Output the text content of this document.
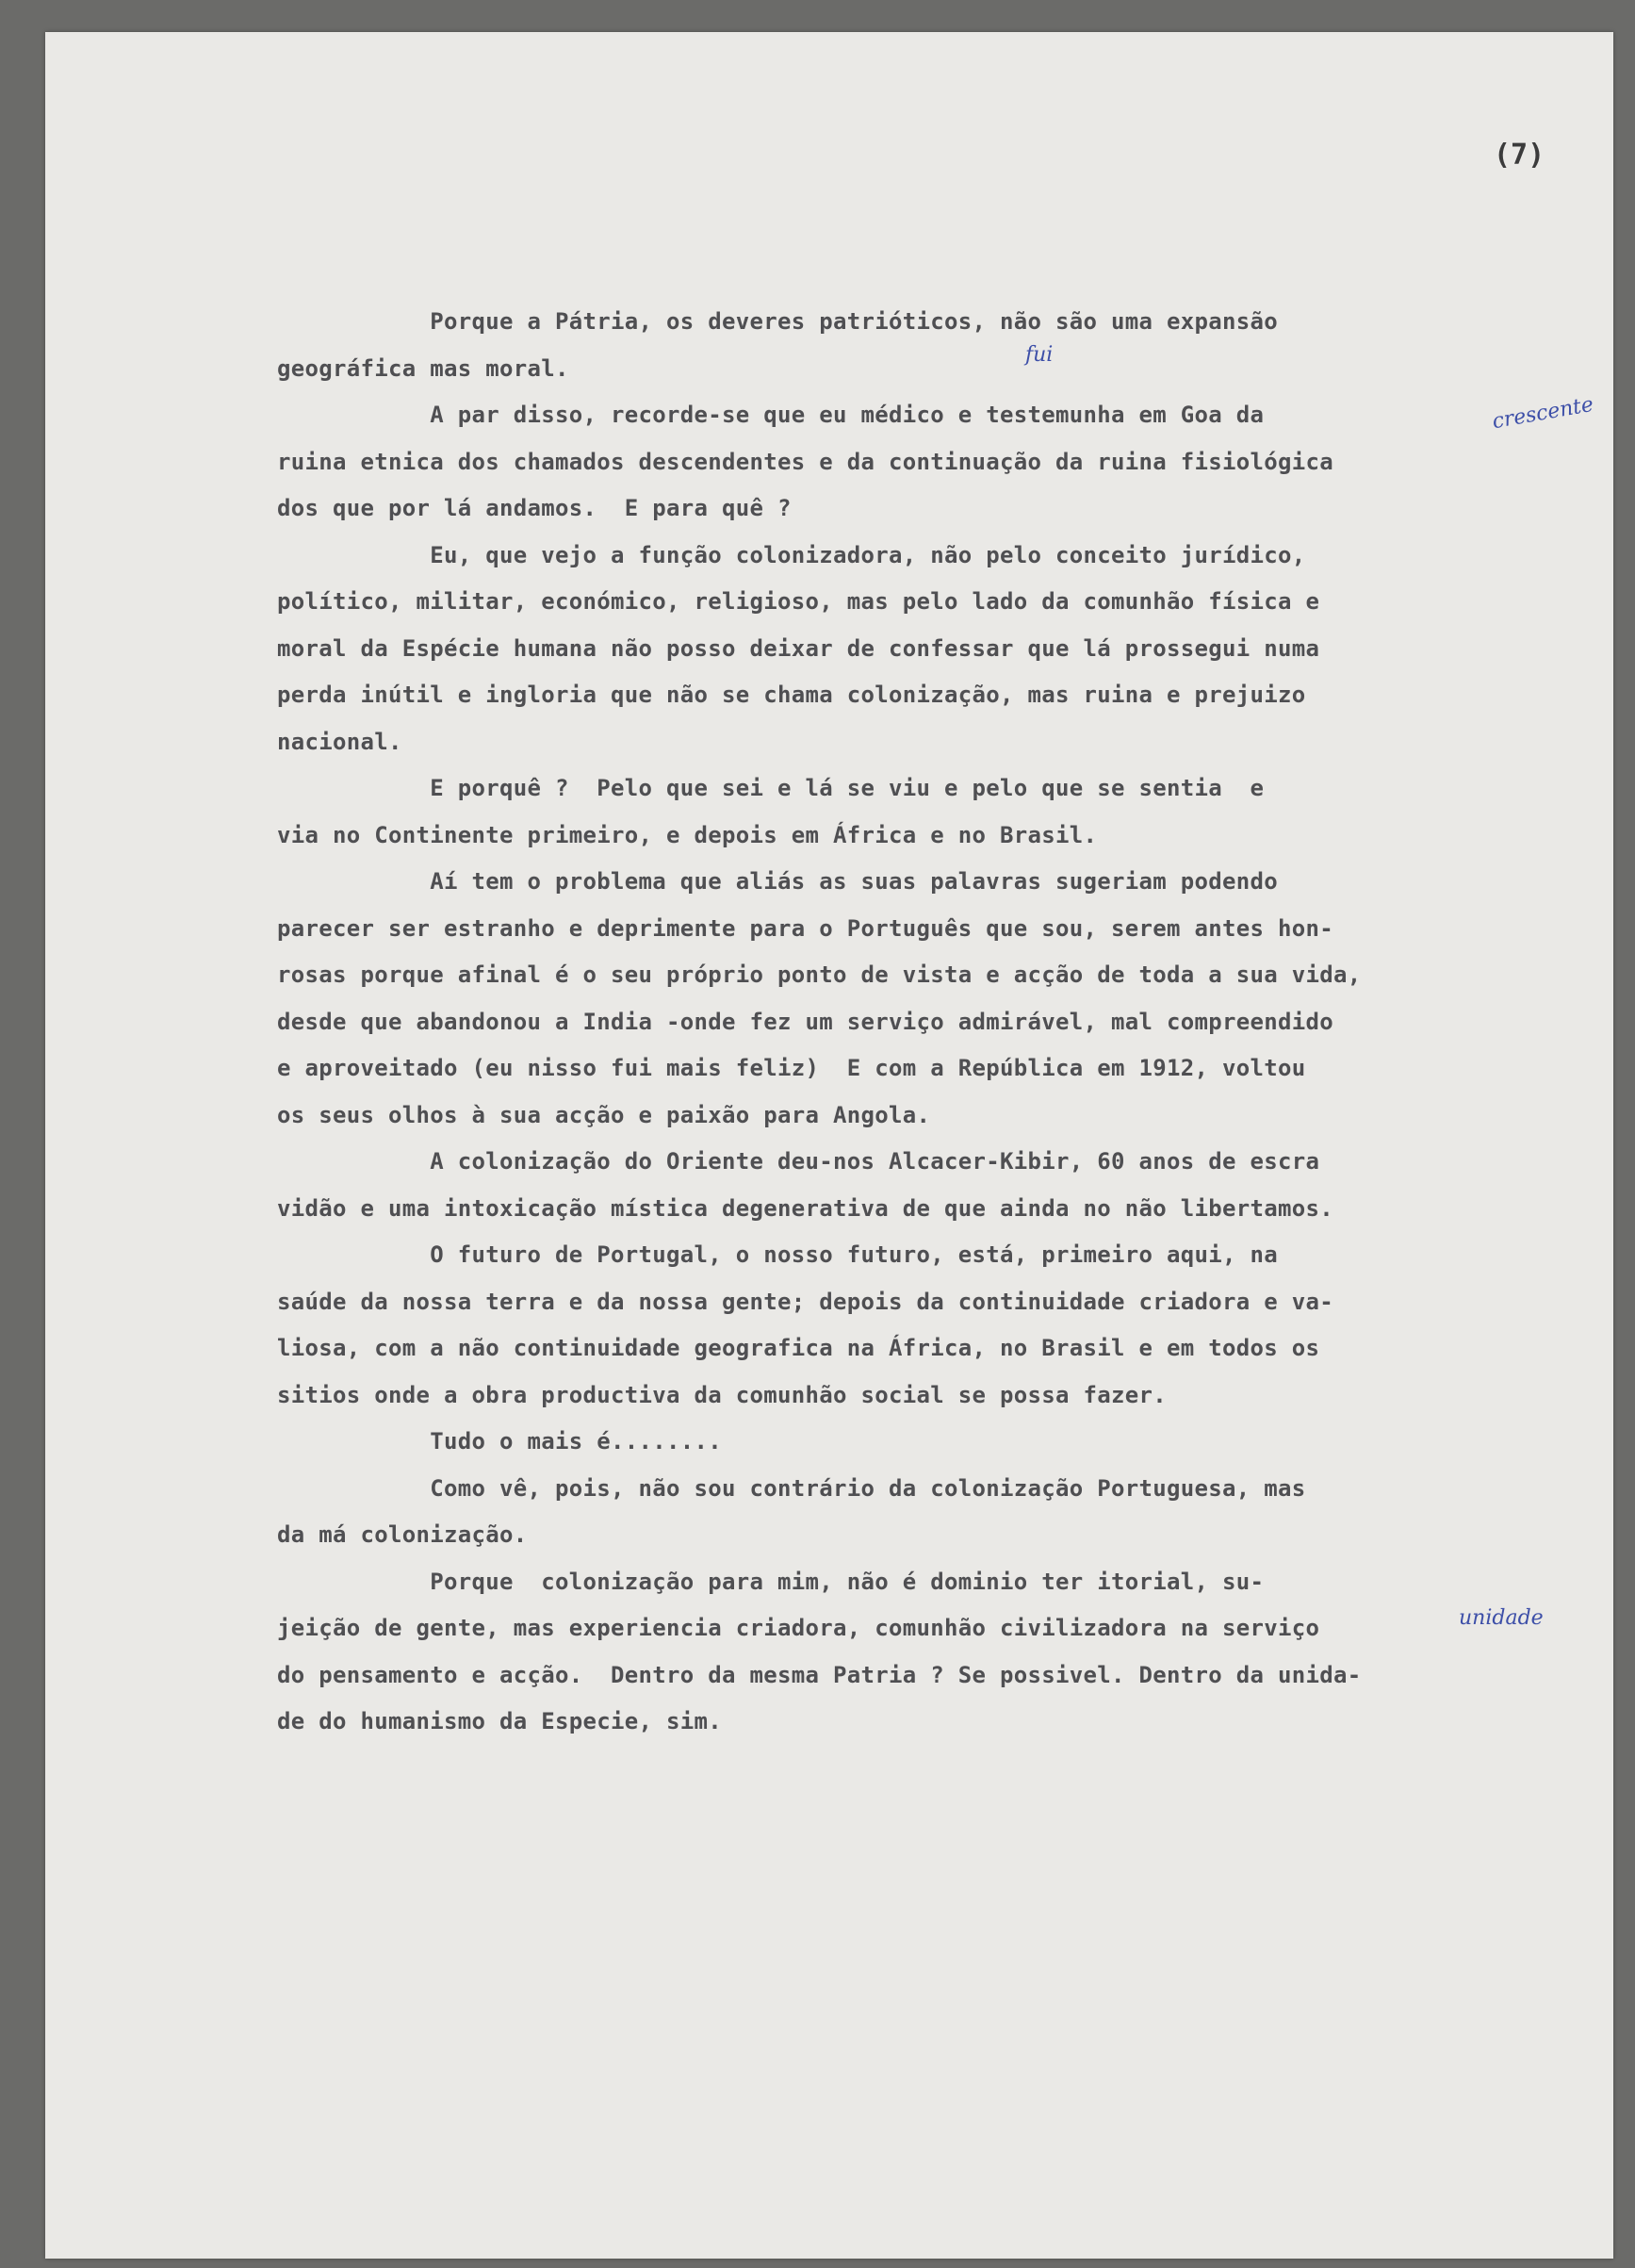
(7)
Porque a Pátria, os deveres patrióticos, não são uma expansão
geográfica mas moral.
A par disso, recorde-se que eu médico e testemunha em Goa da
ruina etnica dos chamados descendentes e da continuação da ruina fisiológica
dos que por lá andamos.  E para quê ?
Eu, que vejo a função colonizadora, não pelo conceito jurídico,
político, militar, económico, religioso, mas pelo lado da comunhão física e
moral da Espécie humana não posso deixar de confessar que lá prossegui numa
perda inútil e ingloria que não se chama colonização, mas ruina e prejuizo
nacional.
E porquê ?  Pelo que sei e lá se viu e pelo que se sentia  e
via no Continente primeiro, e depois em África e no Brasil.
Aí tem o problema que aliás as suas palavras sugeriam podendo
parecer ser estranho e deprimente para o Português que sou, serem antes hon-
rosas porque afinal é o seu próprio ponto de vista e acção de toda a sua vida,
desde que abandonou a India -onde fez um serviço admirável, mal compreendido
e aproveitado (eu nisso fui mais feliz)  E com a República em 1912, voltou
os seus olhos à sua acção e paixão para Angola.
A colonização do Oriente deu-nos Alcacer-Kibir, 60 anos de escra
vidão e uma intoxicação mística degenerativa de que ainda no não libertamos.
O futuro de Portugal, o nosso futuro, está, primeiro aqui, na
saúde da nossa terra e da nossa gente; depois da continuidade criadora e va-
liosa, com a não continuidade geografica na África, no Brasil e em todos os
sitios onde a obra productiva da comunhão social se possa fazer.
Tudo o mais é........
Como vê, pois, não sou contrário da colonização Portuguesa, mas
da má colonização.
Porque  colonização para mim, não é dominio ter itorial, su-
jeição de gente, mas experiencia criadora, comunhão civilizadora na serviço
do pensamento e acção.  Dentro da mesma Patria ? Se possivel. Dentro da unida-
de do humanismo da Especie, sim.
fui
crescente
unidade
